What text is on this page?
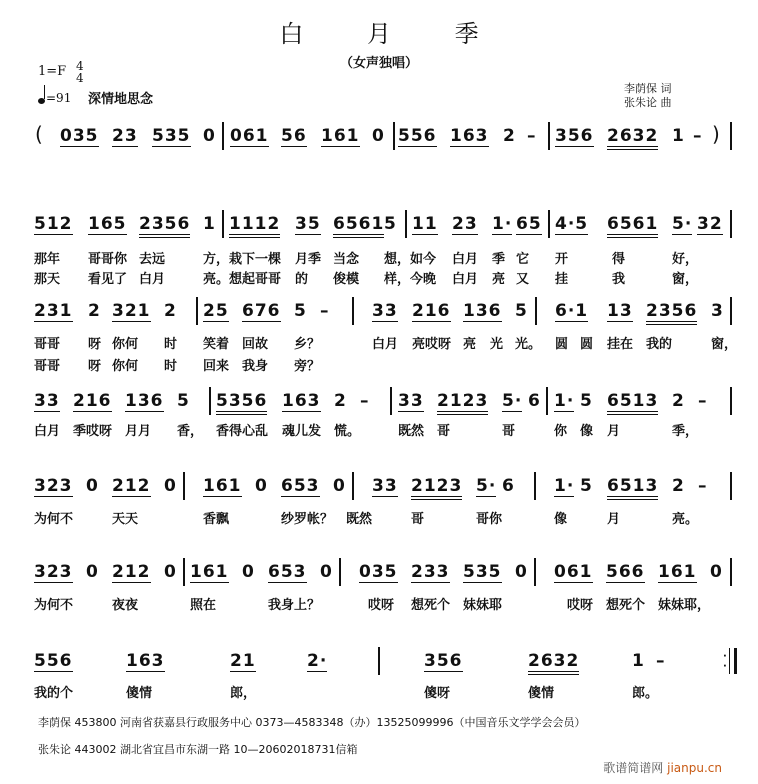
白 月 季
（女声独唱）
1=F 4
4
=91 深情地思念
李荫保 词
张朱论 曲
( 035 23 535 0 061 56 161 0 556 163 2 – 356 2632 1 – )
512 165 2356 1 1112 35 6561 5 11 23 1· 65 4·5 6561 5· 32
那年 哥哥你 去远	方，栽下一棵 月季 当念 想，如今 白月 季 它 开	得	好，
那天 看见了 白月	亮。想起哥哥 的 俊模 样，今晚 白月 亮 又 挂	我	窗，
231 2 321 2 25 676 5 –	33 216 136 5 6·1 13 2356 3
哥哥 呀 你何 时 笑着 回故 乡？	白月 亮哎呀 亮 光 光。 圆 圆 挂在 我的	窗，
哥哥 呀 你何 时 回来 我身 旁？
33 216 136 5 5356 163 2 – 33 2123 5· 6 1· 5 6513 2 –
白月 季哎呀 月月 香， 香得心乱 魂儿发 慌。	既然 哥	哥	你 像 月	季，
323 0 212 0 161 0 653 0 33 2123 5· 6 1· 5 6513 2 –
为何不	天天	香飘	纱罗帐？ 既然	哥	哥你	像	月	亮。
323 0 212 0 161 0 653 0 035 233 535 0 061 566 161 0
为何不	夜夜	照在	我身上？	哎呀 想死个 妹妹耶	哎呀 想死个 妹妹耶，
556	163	21	2·	356	2632	1 –
我的个	傻情	郎，	傻呀	傻情	郎。
·
·
李荫保 453800 河南省获嘉县行政服务中心 0373—4583348（办）13525099996（中国音乐文学学会会员）
张朱论 443002 湖北省宜昌市东湖一路 10—20602018731信箱
歌谱简谱网 jianpu.cn
